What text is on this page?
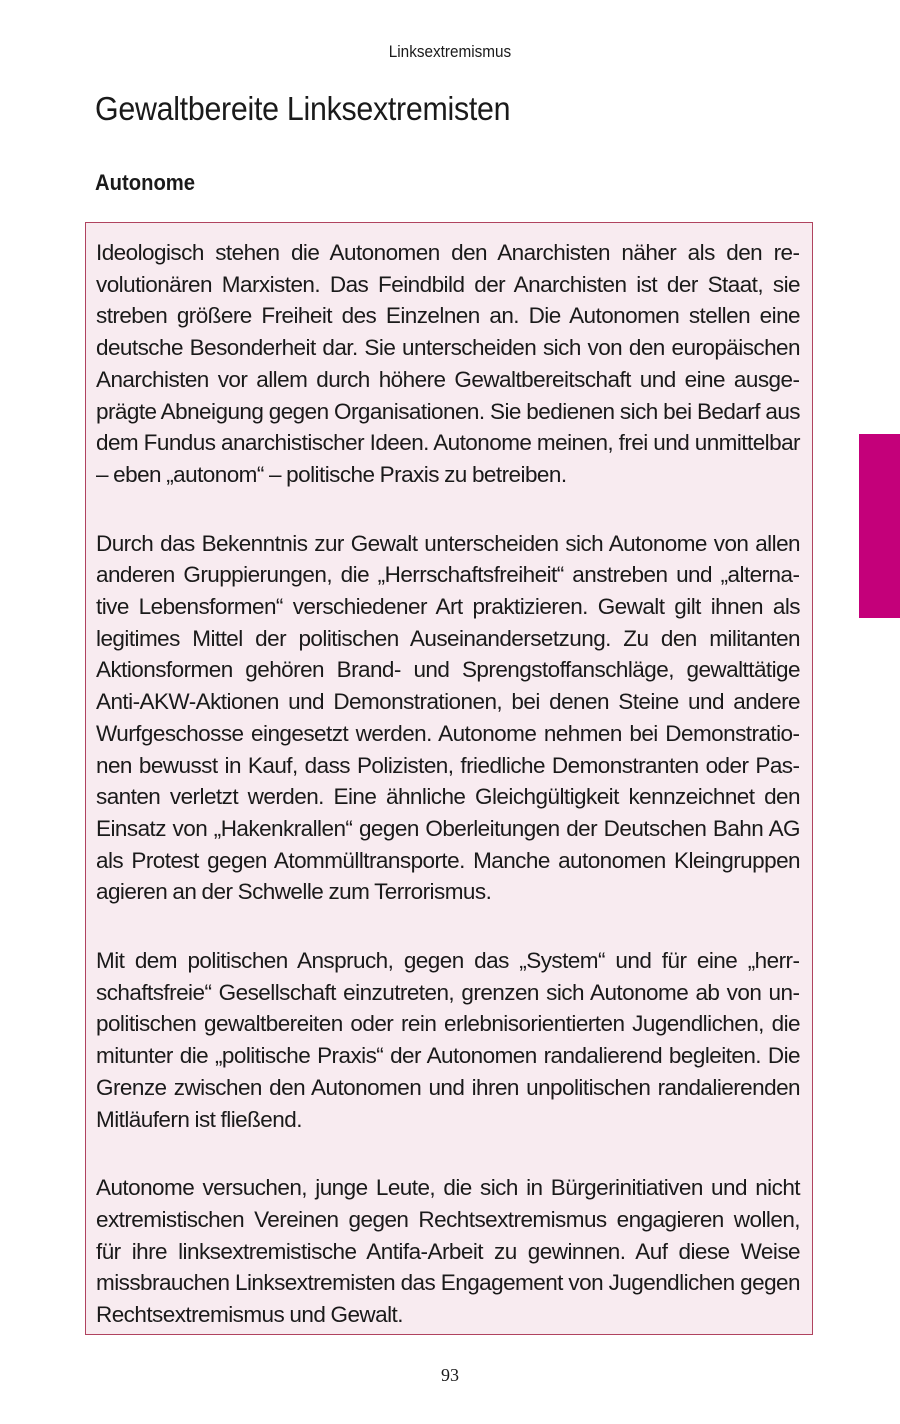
Linksextremismus
Gewaltbereite Linksextremisten
Autonome

Ideologisch stehen die Autonomen den Anarchisten näher als den revolutionären Marxisten. Das Feindbild der Anarchisten ist der Staat, sie streben größere Freiheit des Einzelnen an. Die Autonomen stellen eine deutsche Besonderheit dar. Sie unterscheiden sich von den europäischen Anarchisten vor allem durch höhere Gewaltbereitschaft und eine ausgeprägte Abneigung gegen Organisationen. Sie bedienen sich bei Bedarf aus dem Fundus anarchistischer Ideen. Autonome meinen, frei und unmittelbar – eben „autonom“ – politische Praxis zu betreiben.

Durch das Bekenntnis zur Gewalt unterscheiden sich Autonome von allen anderen Gruppierungen, die „Herrschaftsfreiheit“ anstreben und „alternative Lebensformen“ verschiedener Art praktizieren. Gewalt gilt ihnen als legitimes Mittel der politischen Auseinandersetzung. Zu den militanten Aktionsformen gehören Brand- und Sprengstoffanschläge, gewalttätige Anti-AKW-Aktionen und Demonstrationen, bei denen Steine und andere Wurfgeschosse eingesetzt werden. Autonome nehmen bei Demonstrationen bewusst in Kauf, dass Polizisten, friedliche Demonstranten oder Passanten verletzt werden. Eine ähnliche Gleichgültigkeit kennzeichnet den Einsatz von „Hakenkrallen“ gegen Oberleitungen der Deutschen Bahn AG als Protest gegen Atommülltransporte. Manche autonomen Kleingruppen agieren an der Schwelle zum Terrorismus.

Mit dem politischen Anspruch, gegen das „System“ und für eine „herrschaftsfreie“ Gesellschaft einzutreten, grenzen sich Autonome ab von unpolitischen gewaltbereiten oder rein erlebnisorientierten Jugendlichen, die mitunter die „politische Praxis“ der Autonomen randalierend begleiten. Die Grenze zwischen den Autonomen und ihren unpolitischen randalierenden Mitläufern ist fließend.

Autonome versuchen, junge Leute, die sich in Bürgerinitiativen und nicht extremistischen Vereinen gegen Rechtsextremismus engagieren wollen, für ihre linksextremistische Antifa-Arbeit zu gewinnen. Auf diese Weise missbrauchen Linksextremisten das Engagement von Jugendlichen gegen Rechtsextremismus und Gewalt.

93
